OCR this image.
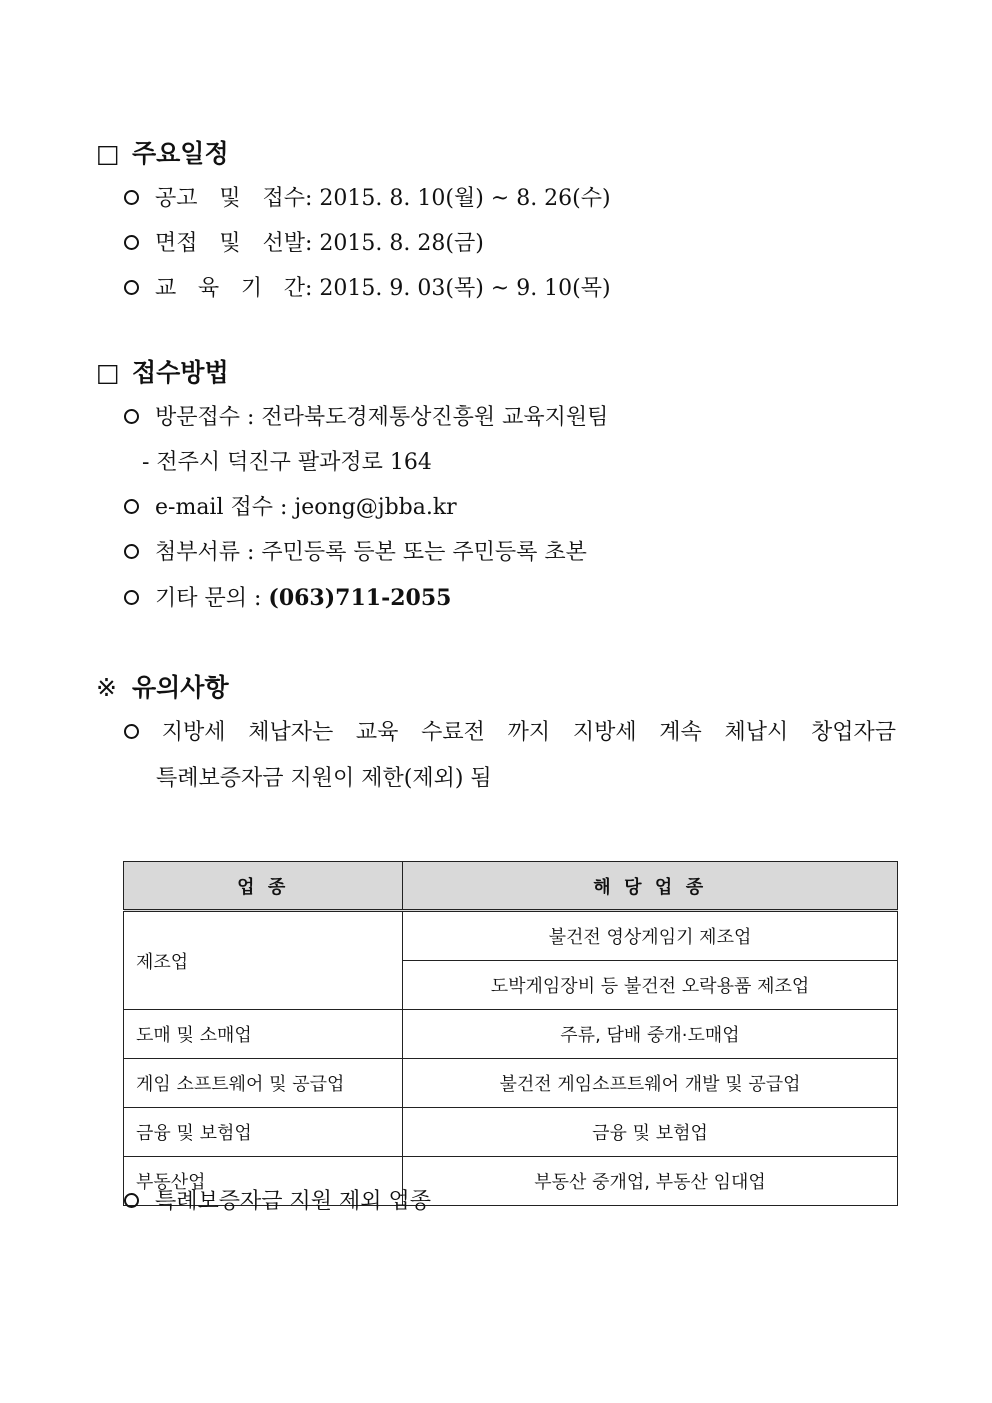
□ 주요일정
공고 및 접수: 2015. 8. 10(월) ~ 8. 26(수)
면접 및 선발: 2015. 8. 28(금)
교 육 기 간: 2015. 9. 03(목) ~ 9. 10(목)
□ 접수방법
방문접수 : 전라북도경제통상진흥원 교육지원팀
- 전주시 덕진구 팔과정로 164
e-mail 접수 : jeong@jbba.kr
첨부서류 : 주민등록 등본 또는 주민등록 초본
기타 문의 : (063)711-2055
※ 유의사항
지방세 체납자는 교육 수료전 까지 지방세 계속 체납시 창업자금
특례보증자금 지원이 제한(제외) 됨
업 종	해 당 업 종
제조업	불건전 영상게임기 제조업
	도박게임장비 등 불건전 오락용품 제조업
도매 및 소매업	주류, 담배 중개·도매업
게임 소프트웨어 및 공급업	불건전 게임소프트웨어 개발 및 공급업
금융 및 보험업	금융 및 보험업
부동산업	부동산 중개업, 부동산 임대업
특례보증자금 지원 제외 업종
